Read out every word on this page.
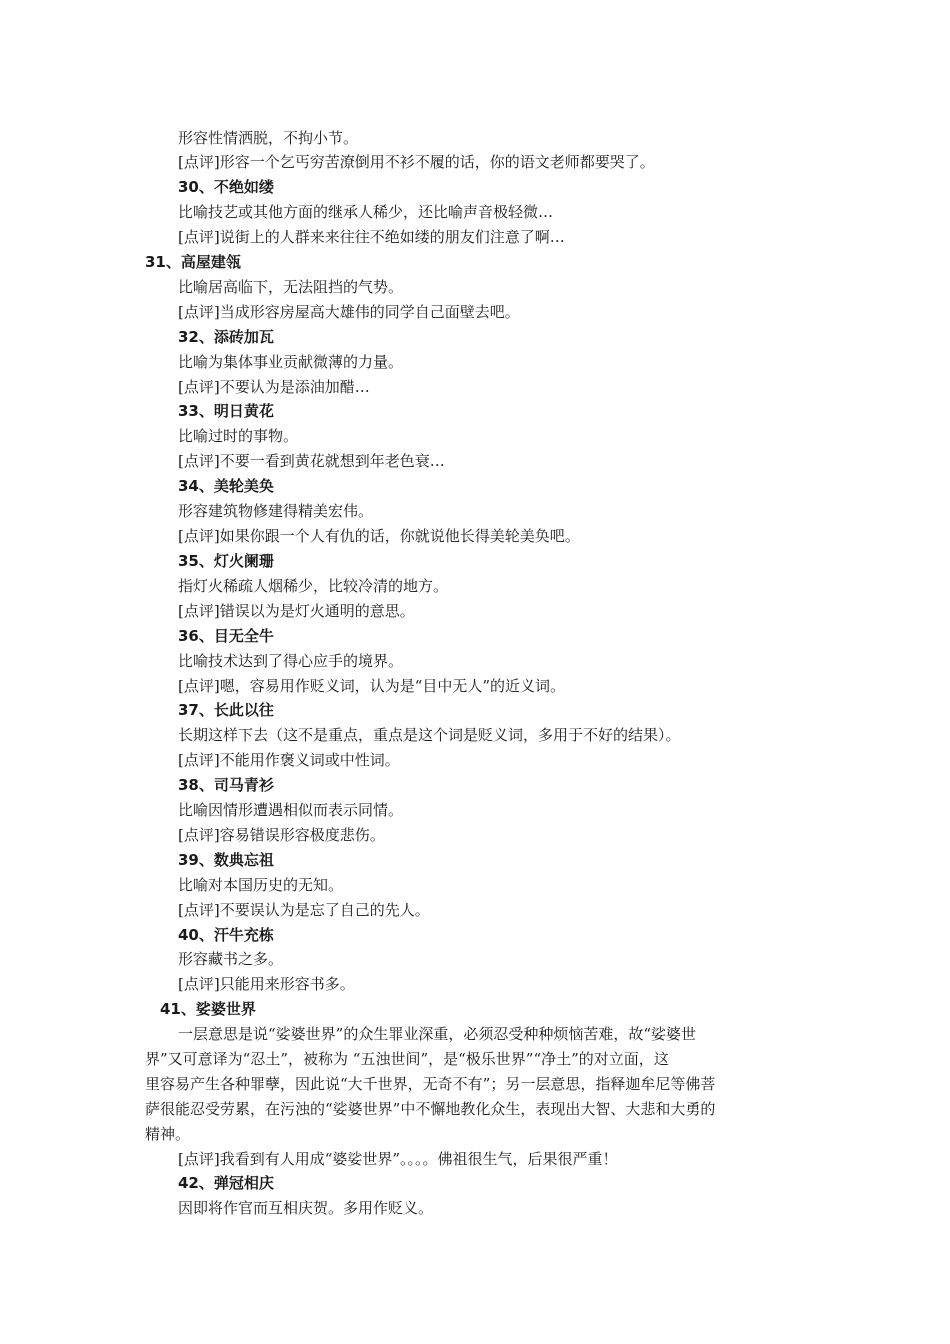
形容性情洒脱，不拘小节。
[点评]形容一个乞丐穷苦潦倒用不衫不履的话，你的语文老师都要哭了。
30、不绝如缕
比喻技艺或其他方面的继承人稀少，还比喻声音极轻微…
[点评]说街上的人群来来往往不绝如缕的朋友们注意了啊…
31、高屋建瓴
比喻居高临下，无法阻挡的气势。
[点评]当成形容房屋高大雄伟的同学自己面壁去吧。
32、添砖加瓦
比喻为集体事业贡献微薄的力量。
[点评]不要认为是添油加醋…
33、明日黄花
比喻过时的事物。
[点评]不要一看到黄花就想到年老色衰…
34、美轮美奂
形容建筑物修建得精美宏伟。
[点评]如果你跟一个人有仇的话，你就说他长得美轮美奂吧。
35、灯火阑珊
指灯火稀疏人烟稀少，比较冷清的地方。
[点评]错误以为是灯火通明的意思。
36、目无全牛
比喻技术达到了得心应手的境界。
[点评]嗯，容易用作贬义词，认为是“目中无人”的近义词。
37、长此以往
长期这样下去（这不是重点，重点是这个词是贬义词，多用于不好的结果）。
[点评]不能用作褒义词或中性词。
38、司马青衫
比喻因情形遭遇相似而表示同情。
[点评]容易错误形容极度悲伤。
39、数典忘祖
比喻对本国历史的无知。
[点评]不要误认为是忘了自己的先人。
40、汗牛充栋
形容藏书之多。
[点评]只能用来形容书多。
41、娑婆世界
一层意思是说“娑婆世界”的众生罪业深重，必须忍受种种烦恼苦难，故“娑婆世
界”又可意译为“忍土”，被称为 “五浊世间”，是“极乐世界”“净土”的对立面，这
里容易产生各种罪孽，因此说“大千世界，无奇不有”；另一层意思，指释迦牟尼等佛菩
萨很能忍受劳累，在污浊的“娑婆世界”中不懈地教化众生，表现出大智、大悲和大勇的
精神。
[点评]我看到有人用成“婆娑世界”。。。。佛祖很生气，后果很严重！
42、弹冠相庆
因即将作官而互相庆贺。多用作贬义。
